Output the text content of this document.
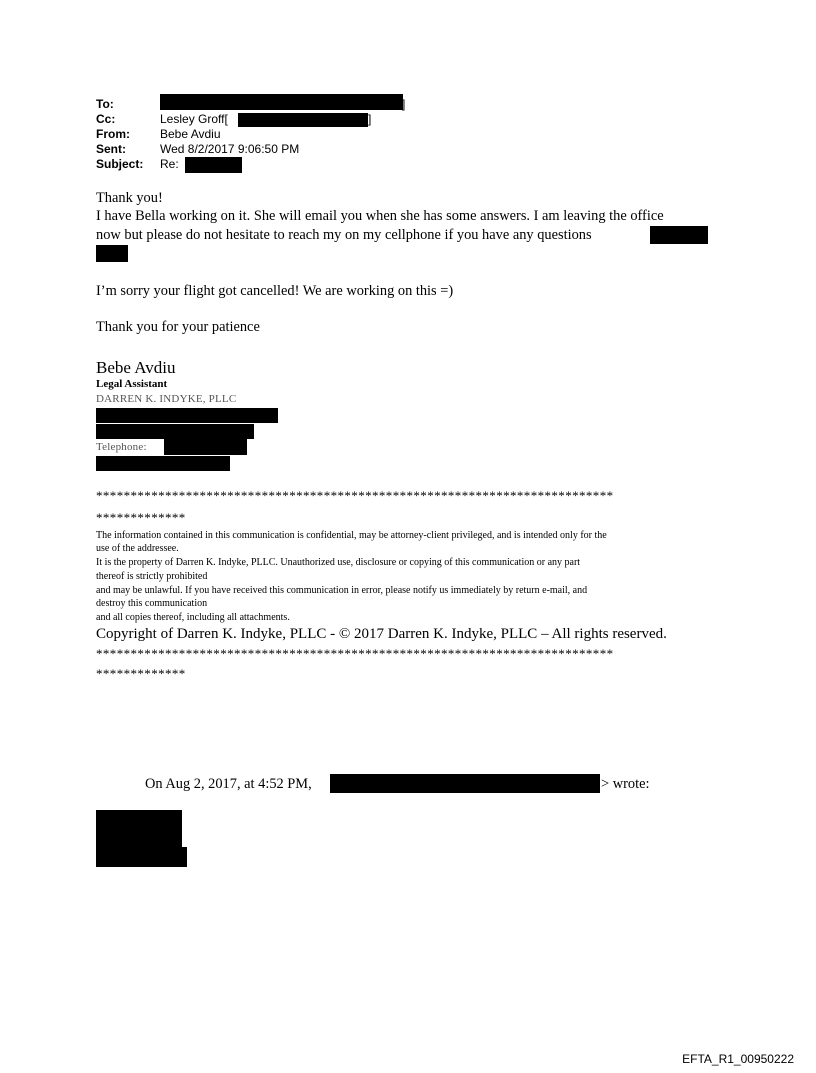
To:	]
Cc:	Lesley Groff[	]
From:	Bebe Avdiu
Sent:	Wed 8/2/2017 9:06:50 PM
Subject: Re:
Thank you!
I have Bella working on it. She will email you when she has some answers. I am leaving the office
now but please do not hesitate to reach my on my cellphone if you have any questions
I’m sorry your flight got cancelled! We are working on this =)
Thank you for your patience
Bebe Avdiu
Legal Assistant
DARREN K. INDYKE, PLLC
Telephone:
***************************************************************************
*************
The information contained in this communication is confidential, may be attorney-client privileged, and is intended only for the
use of the addressee.
It is the property of Darren K. Indyke, PLLC. Unauthorized use, disclosure or copying of this communication or any part
thereof is strictly prohibited
and may be unlawful. If you have received this communication in error, please notify us immediately by return e-mail, and
destroy this communication
and all copies thereof, including all attachments.
Copyright of Darren K. Indyke, PLLC - © 2017 Darren K. Indyke, PLLC – All rights reserved.
***************************************************************************
*************
On Aug 2, 2017, at 4:52 PM,	> wrote:
EFTA_R1_00950222
